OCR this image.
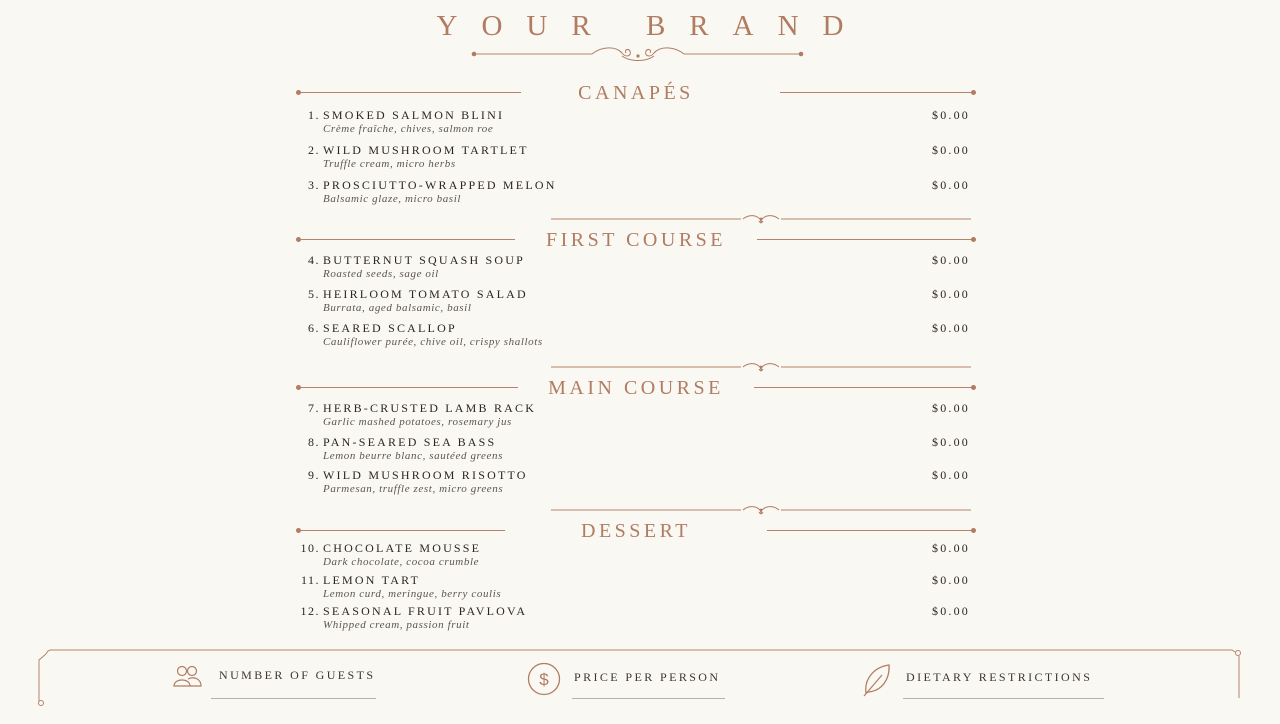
YOUR BRAND
CANAPÉS
1. SMOKED SALMON BLINI
Crème fraîche, chives, salmon roe
$0.00
2. WILD MUSHROOM TARTLET
Truffle cream, micro herbs
$0.00
3. PROSCIUTTO-WRAPPED MELON
Balsamic glaze, micro basil
$0.00
FIRST COURSE
4. BUTTERNUT SQUASH SOUP
Roasted seeds, sage oil
$0.00
5. HEIRLOOM TOMATO SALAD
Burrata, aged balsamic, basil
$0.00
6. SEARED SCALLOP
Cauliflower purée, chive oil, crispy shallots
$0.00
MAIN COURSE
7. HERB-CRUSTED LAMB RACK
Garlic mashed potatoes, rosemary jus
$0.00
8. PAN-SEARED SEA BASS
Lemon beurre blanc, sautéed greens
$0.00
9. WILD MUSHROOM RISOTTO
Parmesan, truffle zest, micro greens
$0.00
DESSERT
10. CHOCOLATE MOUSSE
Dark chocolate, cocoa crumble
$0.00
11. LEMON TART
Lemon curd, meringue, berry coulis
$0.00
12. SEASONAL FRUIT PAVLOVA
Whipped cream, passion fruit
$0.00
NUMBER OF GUESTS	$ PRICE PER PERSON	DIETARY RESTRICTIONS
